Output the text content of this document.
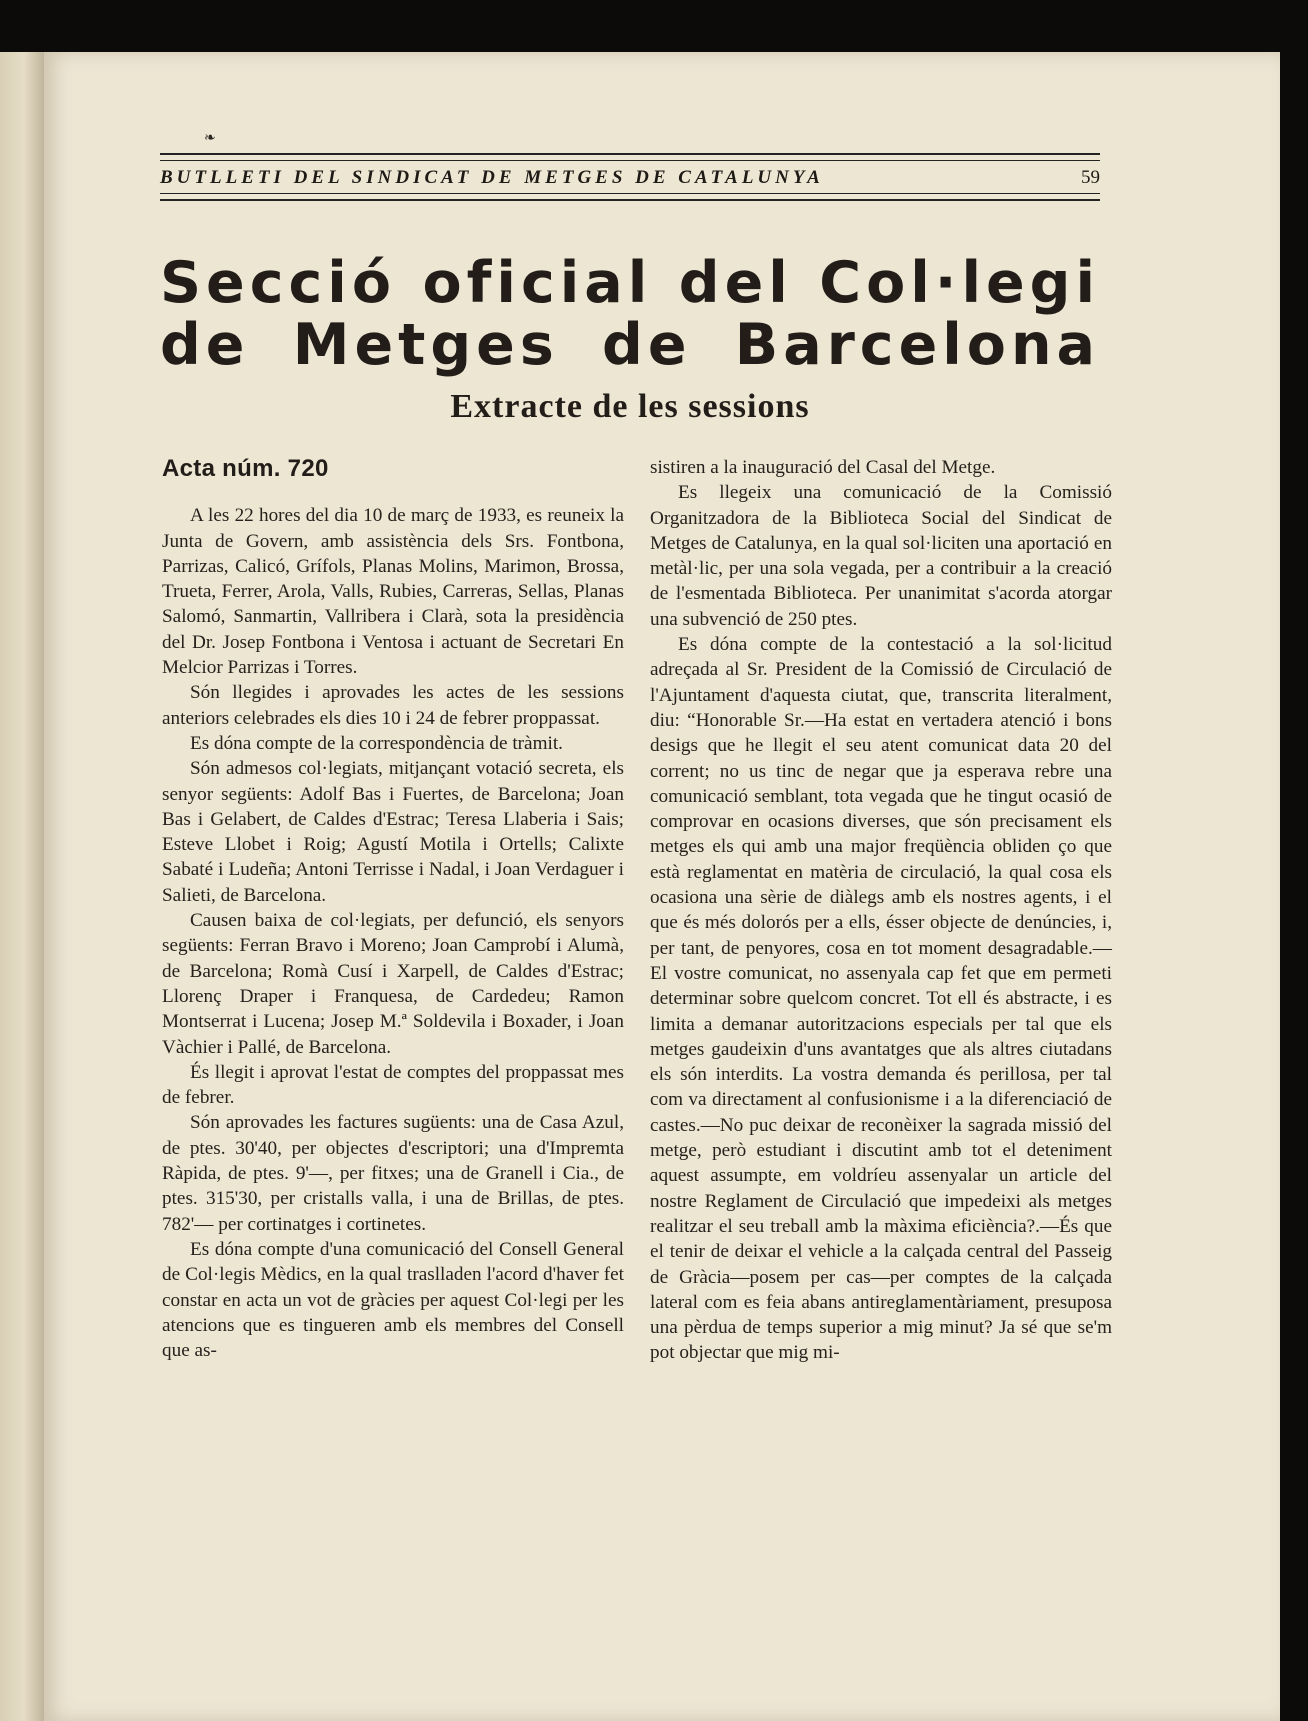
❧
BUTLLETI DEL SINDICAT DE METGES DE CATALUNYA	59
Secció oficial del Col·legi
de Metges de Barcelona
Extracte de les sessions
Acta núm. 720

A les 22 hores del dia 10 de març de 1933, es reuneix la Junta de Govern, amb assistència dels Srs. Fontbona, Parrizas, Calicó, Grífols, Planas Molins, Marimon, Brossa, Trueta, Ferrer, Arola, Valls, Rubies, Carreras, Sellas, Planas Salomó, Sanmartin, Vallribera i Clarà, sota la presidència del Dr. Josep Fontbona i Ventosa i actuant de Secretari En Melcior Parrizas i Torres.

Són llegides i aprovades les actes de les sessions anteriors celebrades els dies 10 i 24 de febrer proppassat.

Es dóna compte de la correspondència de tràmit.

Són admesos col·legiats, mitjançant votació secreta, els senyor següents: Adolf Bas i Fuertes, de Barcelona; Joan Bas i Gelabert, de Caldes d'Estrac; Teresa Llaberia i Sais; Esteve Llobet i Roig; Agustí Motila i Ortells; Calixte Sabaté i Ludeña; Antoni Terrisse i Nadal, i Joan Verdaguer i Salieti, de Barcelona.

Causen baixa de col·legiats, per defunció, els senyors següents: Ferran Bravo i Moreno; Joan Camprobí i Alumà, de Barcelona; Romà Cusí i Xarpell, de Caldes d'Estrac; Llorenç Draper i Franquesa, de Cardedeu; Ramon Montserrat i Lucena; Josep M.ª Soldevila i Boxader, i Joan Vàchier i Pallé, de Barcelona.

És llegit i aprovat l'estat de comptes del proppassat mes de febrer.

Són aprovades les factures sugüents: una de Casa Azul, de ptes. 30'40, per objectes d'escriptori; una d'Impremta Ràpida, de ptes. 9'—, per fitxes; una de Granell i Cia., de ptes. 315'30, per cristalls valla, i una de Brillas, de ptes. 782'— per cortinatges i cortinetes.

Es dóna compte d'una comunicació del Consell General de Col·legis Mèdics, en la qual traslladen l'acord d'haver fet constar en acta un vot de gràcies per aquest Col·legi per les atencions que es tingueren amb els membres del Consell que as-

sistiren a la inauguració del Casal del Metge.

Es llegeix una comunicació de la Comissió Organitzadora de la Biblioteca Social del Sindicat de Metges de Catalunya, en la qual sol·liciten una aportació en metàl·lic, per una sola vegada, per a contribuir a la creació de l'esmentada Biblioteca. Per unanimitat s'acorda atorgar una subvenció de 250 ptes.

Es dóna compte de la contestació a la sol·licitud adreçada al Sr. President de la Comissió de Circulació de l'Ajuntament d'aquesta ciutat, que, transcrita literalment, diu: “Honorable Sr.—Ha estat en vertadera atenció i bons desigs que he llegit el seu atent comunicat data 20 del corrent; no us tinc de negar que ja esperava rebre una comunicació semblant, tota vegada que he tingut ocasió de comprovar en ocasions diverses, que són precisament els metges els qui amb una major freqüència obliden ço que està reglamentat en matèria de circulació, la qual cosa els ocasiona una sèrie de diàlegs amb els nostres agents, i el que és més dolorós per a ells, ésser objecte de denúncies, i, per tant, de penyores, cosa en tot moment desagradable.—El vostre comunicat, no assenyala cap fet que em permeti determinar sobre quelcom concret. Tot ell és abstracte, i es limita a demanar autoritzacions especials per tal que els metges gaudeixin d'uns avantatges que als altres ciutadans els són interdits. La vostra demanda és perillosa, per tal com va directament al confusionisme i a la diferenciació de castes.—No puc deixar de reconèixer la sagrada missió del metge, però estudiant i discutint amb tot el deteniment aquest assumpte, em voldríeu assenyalar un article del nostre Reglament de Circulació que impedeixi als metges realitzar el seu treball amb la màxima eficiència?.—És que el tenir de deixar el vehicle a la calçada central del Passeig de Gràcia—posem per cas—per comptes de la calçada lateral com es feia abans antireglamentàriament, presuposa una pèrdua de temps superior a mig minut? Ja sé que se'm pot objectar que mig mi-
